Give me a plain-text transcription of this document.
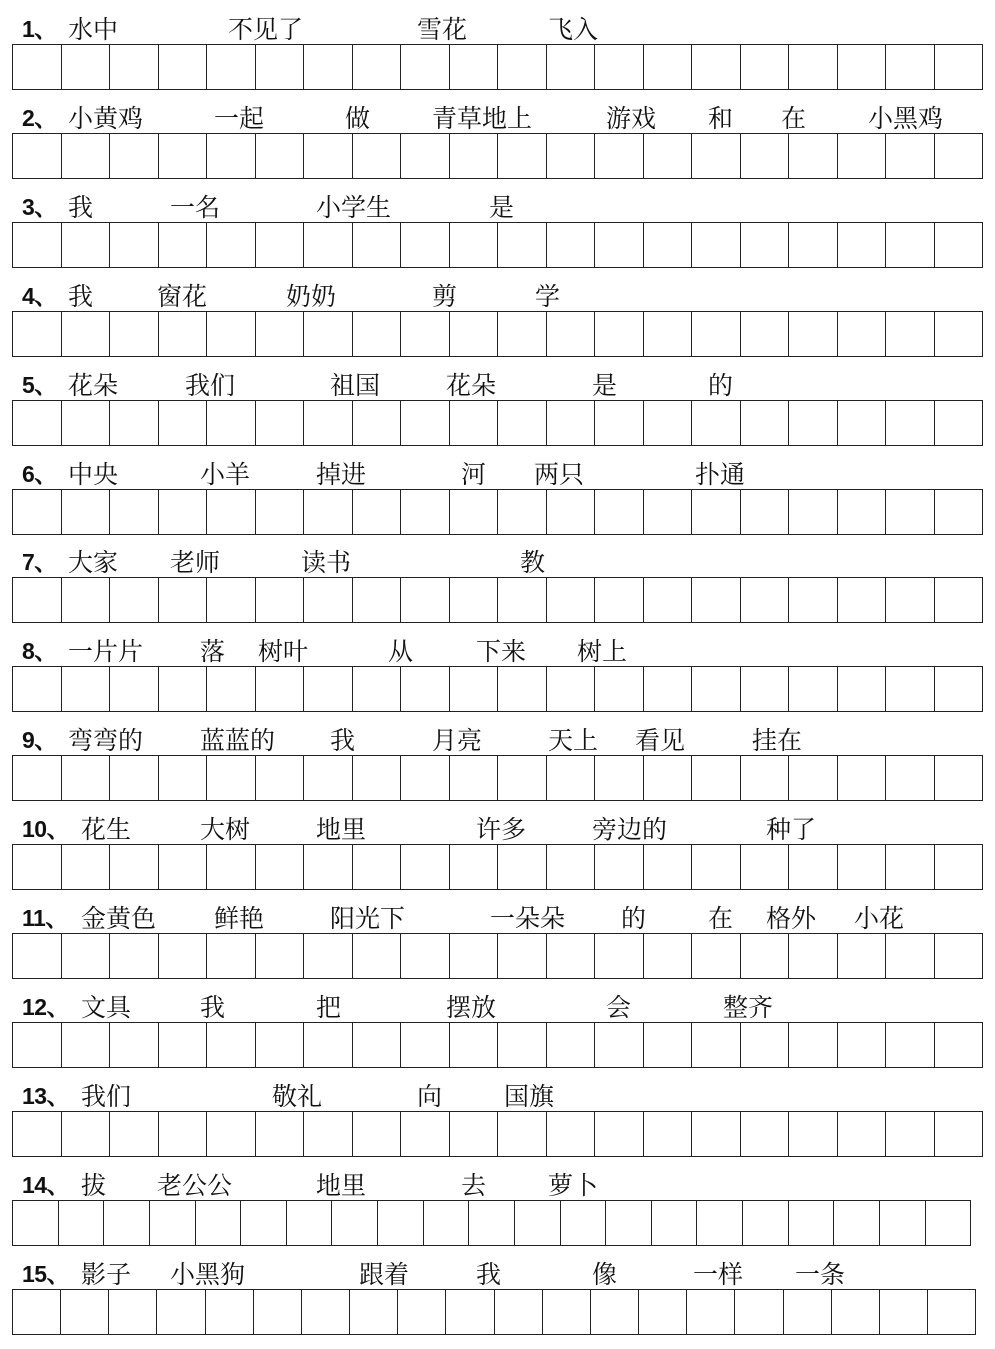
1、 水中	不见了	雪花	飞入
2、 小黄鸡	一起	做 青草地上	游戏 和 在 小黑鸡
3、 我	一名	小学生	是
4、 我	窗花	奶奶	剪	学
5、 花朵	我们	祖国	花朵	是	的
6、 中央	小羊	掉进	河 两只	扑通
7、 大家 老师	读书	教
8、 一片片 落 树叶	从	下来 树上
9、 弯弯的 蓝蓝的 我	月亮	天上 看见	挂在
10、 花生	大树	地里	许多	旁边的	种了
11、 金黄色 鲜艳	阳光下	一朵朵 的 在 格外 小花
12、 文具	我	把	摆放	会	整齐
13、 我们	敬礼	向 国旗
14、 拔 老公公	地里	去 萝卜
15、 影子 小黑狗	跟着	我	像	一样 一条
